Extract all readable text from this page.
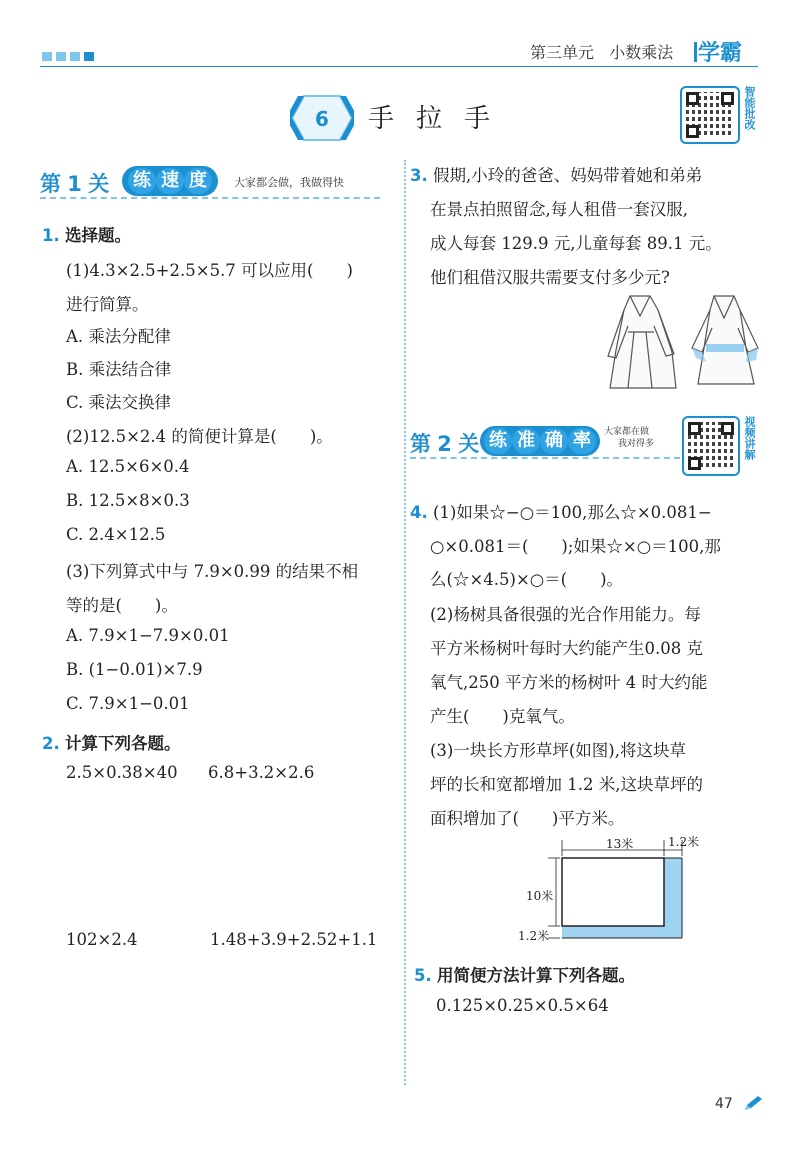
第三单元 小数乘法 学霸
6 手拉手	智能批改
第 1 关	练 速 度	大家都会做，我做得快
1. 选择题。
(1)4.3×2.5+2.5×5.7 可以应用(　　)
进行简算。
A. 乘法分配律
B. 乘法结合律
C. 乘法交换律
(2)12.5×2.4 的简便计算是(　　)。
A. 12.5×6×0.4
B. 12.5×8×0.3
C. 2.4×12.5
(3)下列算式中与 7.9×0.99 的结果不相
等的是(　　)。
A. 7.9×1−7.9×0.01
B. (1−0.01)×7.9
C. 7.9×1−0.01
2. 计算下列各题。
2.5×0.38×40 6.8+3.2×2.6
102×2.4	1.48+3.9+2.52+1.1
3. 假期,小玲的爸爸、妈妈带着她和弟弟
在景点拍照留念,每人租借一套汉服,
成人每套 129.9 元,儿童每套 89.1 元。
他们租借汉服共需要支付多少元?
第 2 关 练 准 确 率	大家都在做
我对得多	视频讲解
4. (1)如果☆−○＝100,那么☆×0.081−
○×0.081＝(　　);如果☆×○＝100,那
么(☆×4.5)×○＝(　　)。
(2)杨树具备很强的光合作用能力。每
平方米杨树叶每时大约能产生0.08 克
氧气,250 平方米的杨树叶 4 时大约能
产生(　　)克氧气。
(3)一块长方形草坪(如图),将这块草
坪的长和宽都增加 1.2 米,这块草坪的
面积增加了(　　)平方米。
13米	1.2米
10米
1.2米
5. 用简便方法计算下列各题。
0.125×0.25×0.5×64
47
